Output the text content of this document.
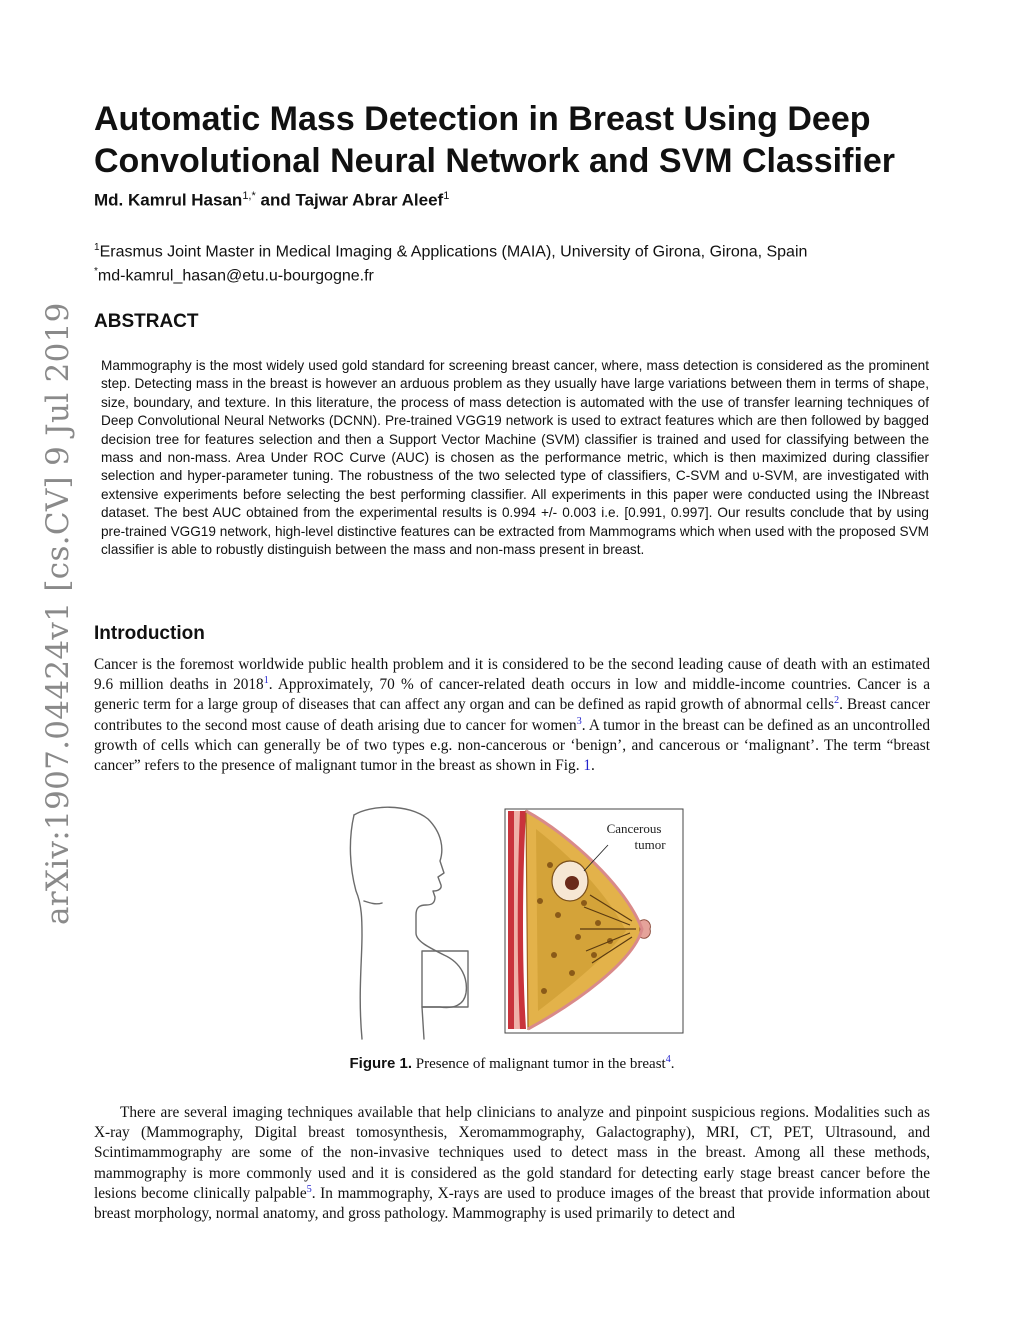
arXiv:1907.04424v1 [cs.CV] 9 Jul 2019
Automatic Mass Detection in Breast Using Deep Convolutional Neural Network and SVM Classifier
Md. Kamrul Hasan$^{1,*}$ and Tajwar Abrar Aleef$^1$
$^1$Erasmus Joint Master in Medical Imaging & Applications (MAIA), University of Girona, Girona, Spain
*md-kamrul_hasan@etu.u-bourgogne.fr
ABSTRACT

Mammography is the most widely used gold standard for screening breast cancer, where, mass detection is considered as the prominent step. Detecting mass in the breast is however an arduous problem as they usually have large variations between them in terms of shape, size, boundary, and texture. In this literature, the process of mass detection is automated with the use of transfer learning techniques of Deep Convolutional Neural Networks (DCNN). Pre-trained VGG19 network is used to extract features which are then followed by bagged decision tree for features selection and then a Support Vector Machine (SVM) classifier is trained and used for classifying between the mass and non-mass. Area Under ROC Curve (AUC) is chosen as the performance metric, which is then maximized during classifier selection and hyper-parameter tuning. The robustness of the two selected type of classifiers, C-SVM and υ-SVM, are investigated with extensive experiments before selecting the best performing classifier. All experiments in this paper were conducted using the INbreast dataset. The best AUC obtained from the experimental results is 0.994 +/- 0.003 i.e. [0.991, 0.997]. Our results conclude that by using pre-trained VGG19 network, high-level distinctive features can be extracted from Mammograms which when used with the proposed SVM classifier is able to robustly distinguish between the mass and non-mass present in breast.

Introduction

Cancer is the foremost worldwide public health problem and it is considered to be the second leading cause of death with an estimated 9.6 million deaths in 2018$^1$. Approximately, 70 % of cancer-related death occurs in low and middle-income countries. Cancer is a generic term for a large group of diseases that can affect any organ and can be defined as rapid growth of abnormal cells$^2$. Breast cancer contributes to the second most cause of death arising due to cancer for women$^3$. A tumor in the breast can be defined as an uncontrolled growth of cells which can generally be of two types e.g. non-cancerous or ‘benign’, and cancerous or ‘malignant’. The term “breast cancer” refers to the presence of malignant tumor in the breast as shown in Fig. 1.

Cancerous
tumor
Figure 1. Presence of malignant tumor in the breast$^4$.

There are several imaging techniques available that help clinicians to analyze and pinpoint suspicious regions. Modalities such as X-ray (Mammography, Digital breast tomosynthesis, Xeromammography, Galactography), MRI, CT, PET, Ultrasound, and Scintimammography are some of the non-invasive techniques used to detect mass in the breast. Among all these methods, mammography is more commonly used and it is considered as the gold standard for detecting early stage breast cancer before the lesions become clinically palpable$^5$. In mammography, X-rays are used to produce images of the breast that provide information about breast morphology, normal anatomy, and gross pathology. Mammography is used primarily to detect and
